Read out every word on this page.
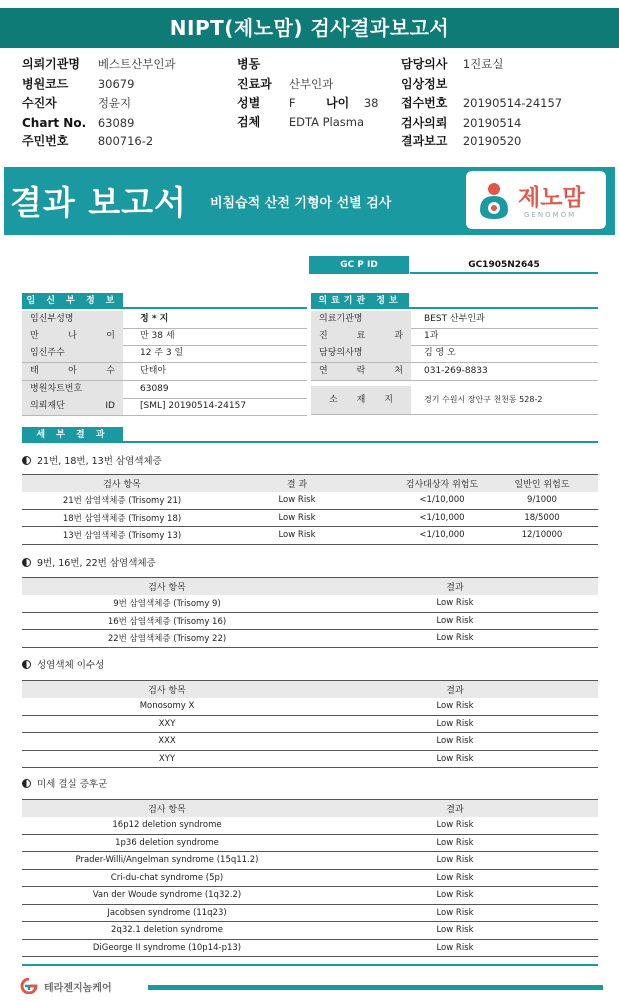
NIPT(제노맘) 검사결과보고서
의뢰기관명 베스트산부인과
병원코드	30679
수진자	정윤지
Chart No. 63089
주민번호	800716-2
병동
진료과 산부인과
성별 F	나이 38
검체 EDTA Plasma
담당의사 1진료실
임상정보
접수번호 20190514-24157
검사의뢰 20190514
결과보고 20190520
결과 보고서 비침습적 산전 기형아 선별 검사	제노맘
GENOMOM
GC P ID	GC1905N2645
임 신 부 정 보	의료기관 정보
임신부성명	정 * 지
만 나 이	만 38 세
임신주수	12 주 3 일
태 아 수	단태아
병원차트번호	63089
의뢰재단 ID	[SML] 20190514-24157
의료기관명	BEST 산부인과
진 료 과	1과
담당의사명	김 영 오
연 락 처	031-269-8833
소 재 지	경기 수원시 장안구 천천동 528-2
세 부 결 과
21번, 18번, 13번 삼염색체증
검사 항목	결 과	검사대상자 위험도	일반인 위험도
21번 삼염색체증 (Trisomy 21)	Low Risk	<1/10,000	9/1000
18번 삼염색체증 (Trisomy 18)	Low Risk	<1/10,000	18/5000
13번 삼염색체증 (Trisomy 13)	Low Risk	<1/10,000	12/10000
9번, 16번, 22번 삼염색체증
검사 항목	결과
9번 삼염색체증 (Trisomy 9)	Low Risk
16번 삼염색체증 (Trisomy 16)	Low Risk
22번 삼염색체증 (Trisomy 22)	Low Risk
성염색체 이수성
검사 항목	결과
Monosomy X	Low Risk
XXY	Low Risk
XXX	Low Risk
XYY	Low Risk
미세 결실 증후군
검사 항목	결과
16p12 deletion syndrome	Low Risk
1p36 deletion syndrome	Low Risk
Prader-Willi/Angelman syndrome (15q11.2)	Low Risk
Cri-du-chat syndrome (5p)	Low Risk
Van der Woude syndrome (1q32.2)	Low Risk
Jacobsen syndrome (11q23)	Low Risk
2q32.1 deletion syndrome	Low Risk
DiGeorge II syndrome (10p14-p13)	Low Risk
테라젠지놈케어
